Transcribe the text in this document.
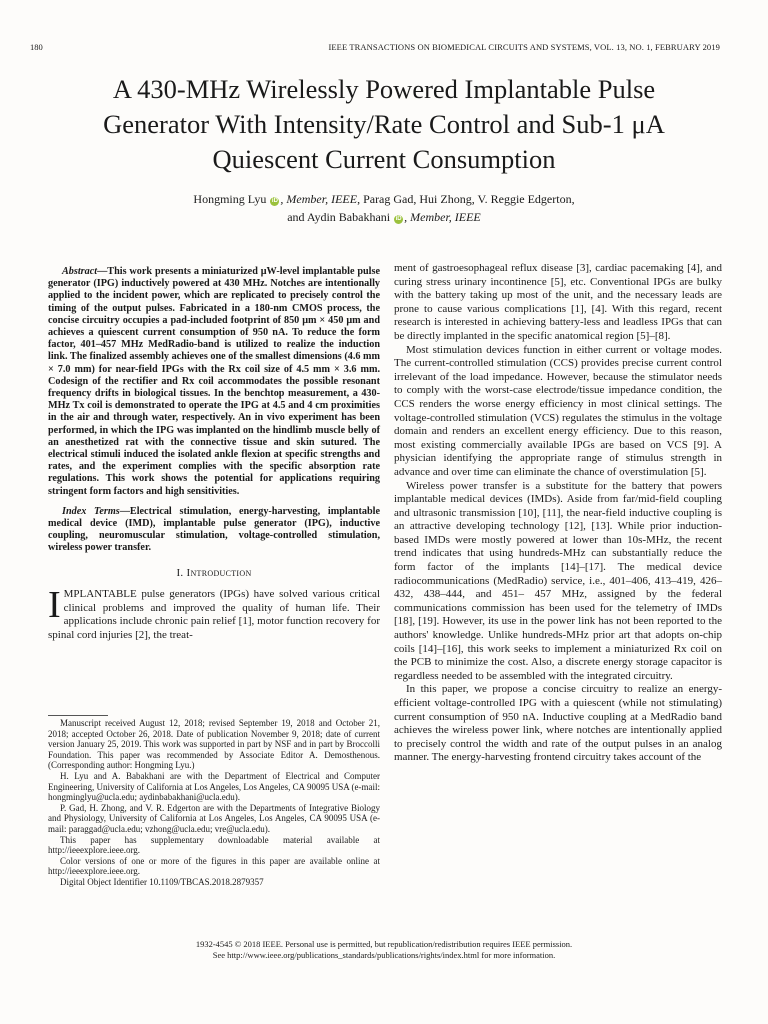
180	IEEE TRANSACTIONS ON BIOMEDICAL CIRCUITS AND SYSTEMS, VOL. 13, NO. 1, FEBRUARY 2019
A 430-MHz Wirelessly Powered Implantable Pulse
Generator With Intensity/Rate Control and Sub-1 μA
Quiescent Current Consumption
Hongming Lyu iD , Member, IEEE, Parag Gad, Hui Zhong, V. Reggie Edgerton,
and Aydin Babakhani iD , Member, IEEE

Abstract—This work presents a miniaturized μW-level implantable pulse generator (IPG) inductively powered at 430 MHz. Notches are intentionally applied to the incident power, which are replicated to precisely control the timing of the output pulses. Fabricated in a 180-nm CMOS process, the concise circuitry occupies a pad-included footprint of 850 μm × 450 μm and achieves a quiescent current consumption of 950 nA. To reduce the form factor, 401–457 MHz MedRadio-band is utilized to realize the induction link. The finalized assembly achieves one of the smallest dimensions (4.6 mm × 7.0 mm) for near-field IPGs with the Rx coil size of 4.5 mm × 3.6 mm. Codesign of the rectifier and Rx coil accommodates the possible resonant frequency drifts in biological tissues. In the benchtop measurement, a 430-MHz Tx coil is demonstrated to operate the IPG at 4.5 and 4 cm proximities in the air and through water, respectively. An in vivo experiment has been performed, in which the IPG was implanted on the hindlimb muscle belly of an anesthetized rat with the connective tissue and skin sutured. The electrical stimuli induced the isolated ankle flexion at specific strengths and rates, and the experiment complies with the specific absorption rate regulations. This work shows the potential for applications requiring stringent form factors and high sensitivities.

Index Terms—Electrical stimulation, energy-harvesting, implantable medical device (IMD), implantable pulse generator (IPG), inductive coupling, neuromuscular stimulation, voltage-controlled stimulation, wireless power transfer.

I. Introduction

IMPLANTABLE pulse generators (IPGs) have solved various critical clinical problems and improved the quality of human life. Their applications include chronic pain relief [1], motor function recovery for spinal cord injuries [2], the treat-

Manuscript received August 12, 2018; revised September 19, 2018 and October 21, 2018; accepted October 26, 2018. Date of publication November 9, 2018; date of current version January 25, 2019. This work was supported in part by NSF and in part by Broccolli Foundation. This paper was recommended by Associate Editor A. Demosthenous. (Corresponding author: Hongming Lyu.)

H. Lyu and A. Babakhani are with the Department of Electrical and Computer Engineering, University of California at Los Angeles, Los Angeles, CA 90095 USA (e-mail: hongminglyu@ucla.edu; aydinbabakhani@ucla.edu).

P. Gad, H. Zhong, and V. R. Edgerton are with the Departments of Integrative Biology and Physiology, University of California at Los Angeles, Los Angeles, CA 90095 USA (e-mail: paraggad@ucla.edu; vzhong@ucla.edu; vre@ucla.edu).

This paper has supplementary downloadable material available at http://ieeexplore.ieee.org.

Color versions of one or more of the figures in this paper are available online at http://ieeexplore.ieee.org.

Digital Object Identifier 10.1109/TBCAS.2018.2879357

ment of gastroesophageal reflux disease [3], cardiac pacemaking [4], and curing stress urinary incontinence [5], etc. Conventional IPGs are bulky with the battery taking up most of the unit, and the necessary leads are prone to cause various complications [1], [4]. With this regard, recent research is interested in achieving battery-less and leadless IPGs that can be directly implanted in the specific anatomical region [5]–[8].

Most stimulation devices function in either current or voltage modes. The current-controlled stimulation (CCS) provides precise current control irrelevant of the load impedance. However, because the stimulator needs to comply with the worst-case electrode/tissue impedance condition, the CCS renders the worse energy efficiency in most clinical settings. The voltage-controlled stimulation (VCS) regulates the stimulus in the voltage domain and renders an excellent energy efficiency. Due to this reason, most existing commercially available IPGs are based on VCS [9]. A physician identifying the appropriate range of stimulus strength in advance and over time can eliminate the chance of overstimulation [5].

Wireless power transfer is a substitute for the battery that powers implantable medical devices (IMDs). Aside from far/mid-field coupling and ultrasonic transmission [10], [11], the near-field inductive coupling is an attractive developing technology [12], [13]. While prior induction-based IMDs were mostly powered at lower than 10s-MHz, the recent trend indicates that using hundreds-MHz can substantially reduce the form factor of the implants [14]–[17]. The medical device radiocommunications (MedRadio) service, i.e., 401–406, 413–419, 426–432, 438–444, and 451– 457 MHz, assigned by the federal communications commission has been used for the telemetry of IMDs [18], [19]. However, its use in the power link has not been reported to the authors' knowledge. Unlike hundreds-MHz prior art that adopts on-chip coils [14]–[16], this work seeks to implement a miniaturized Rx coil on the PCB to minimize the cost. Also, a discrete energy storage capacitor is regardless needed to be assembled with the integrated circuitry.

In this paper, we propose a concise circuitry to realize an energy-efficient voltage-controlled IPG with a quiescent (while not stimulating) current consumption of 950 nA. Inductive coupling at a MedRadio band achieves the wireless power link, where notches are intentionally applied to precisely control the width and rate of the output pulses in an analog manner. The energy-harvesting frontend circuitry takes account of the

1932-4545 © 2018 IEEE. Personal use is permitted, but republication/redistribution requires IEEE permission.
See http://www.ieee.org/publications_standards/publications/rights/index.html for more information.
